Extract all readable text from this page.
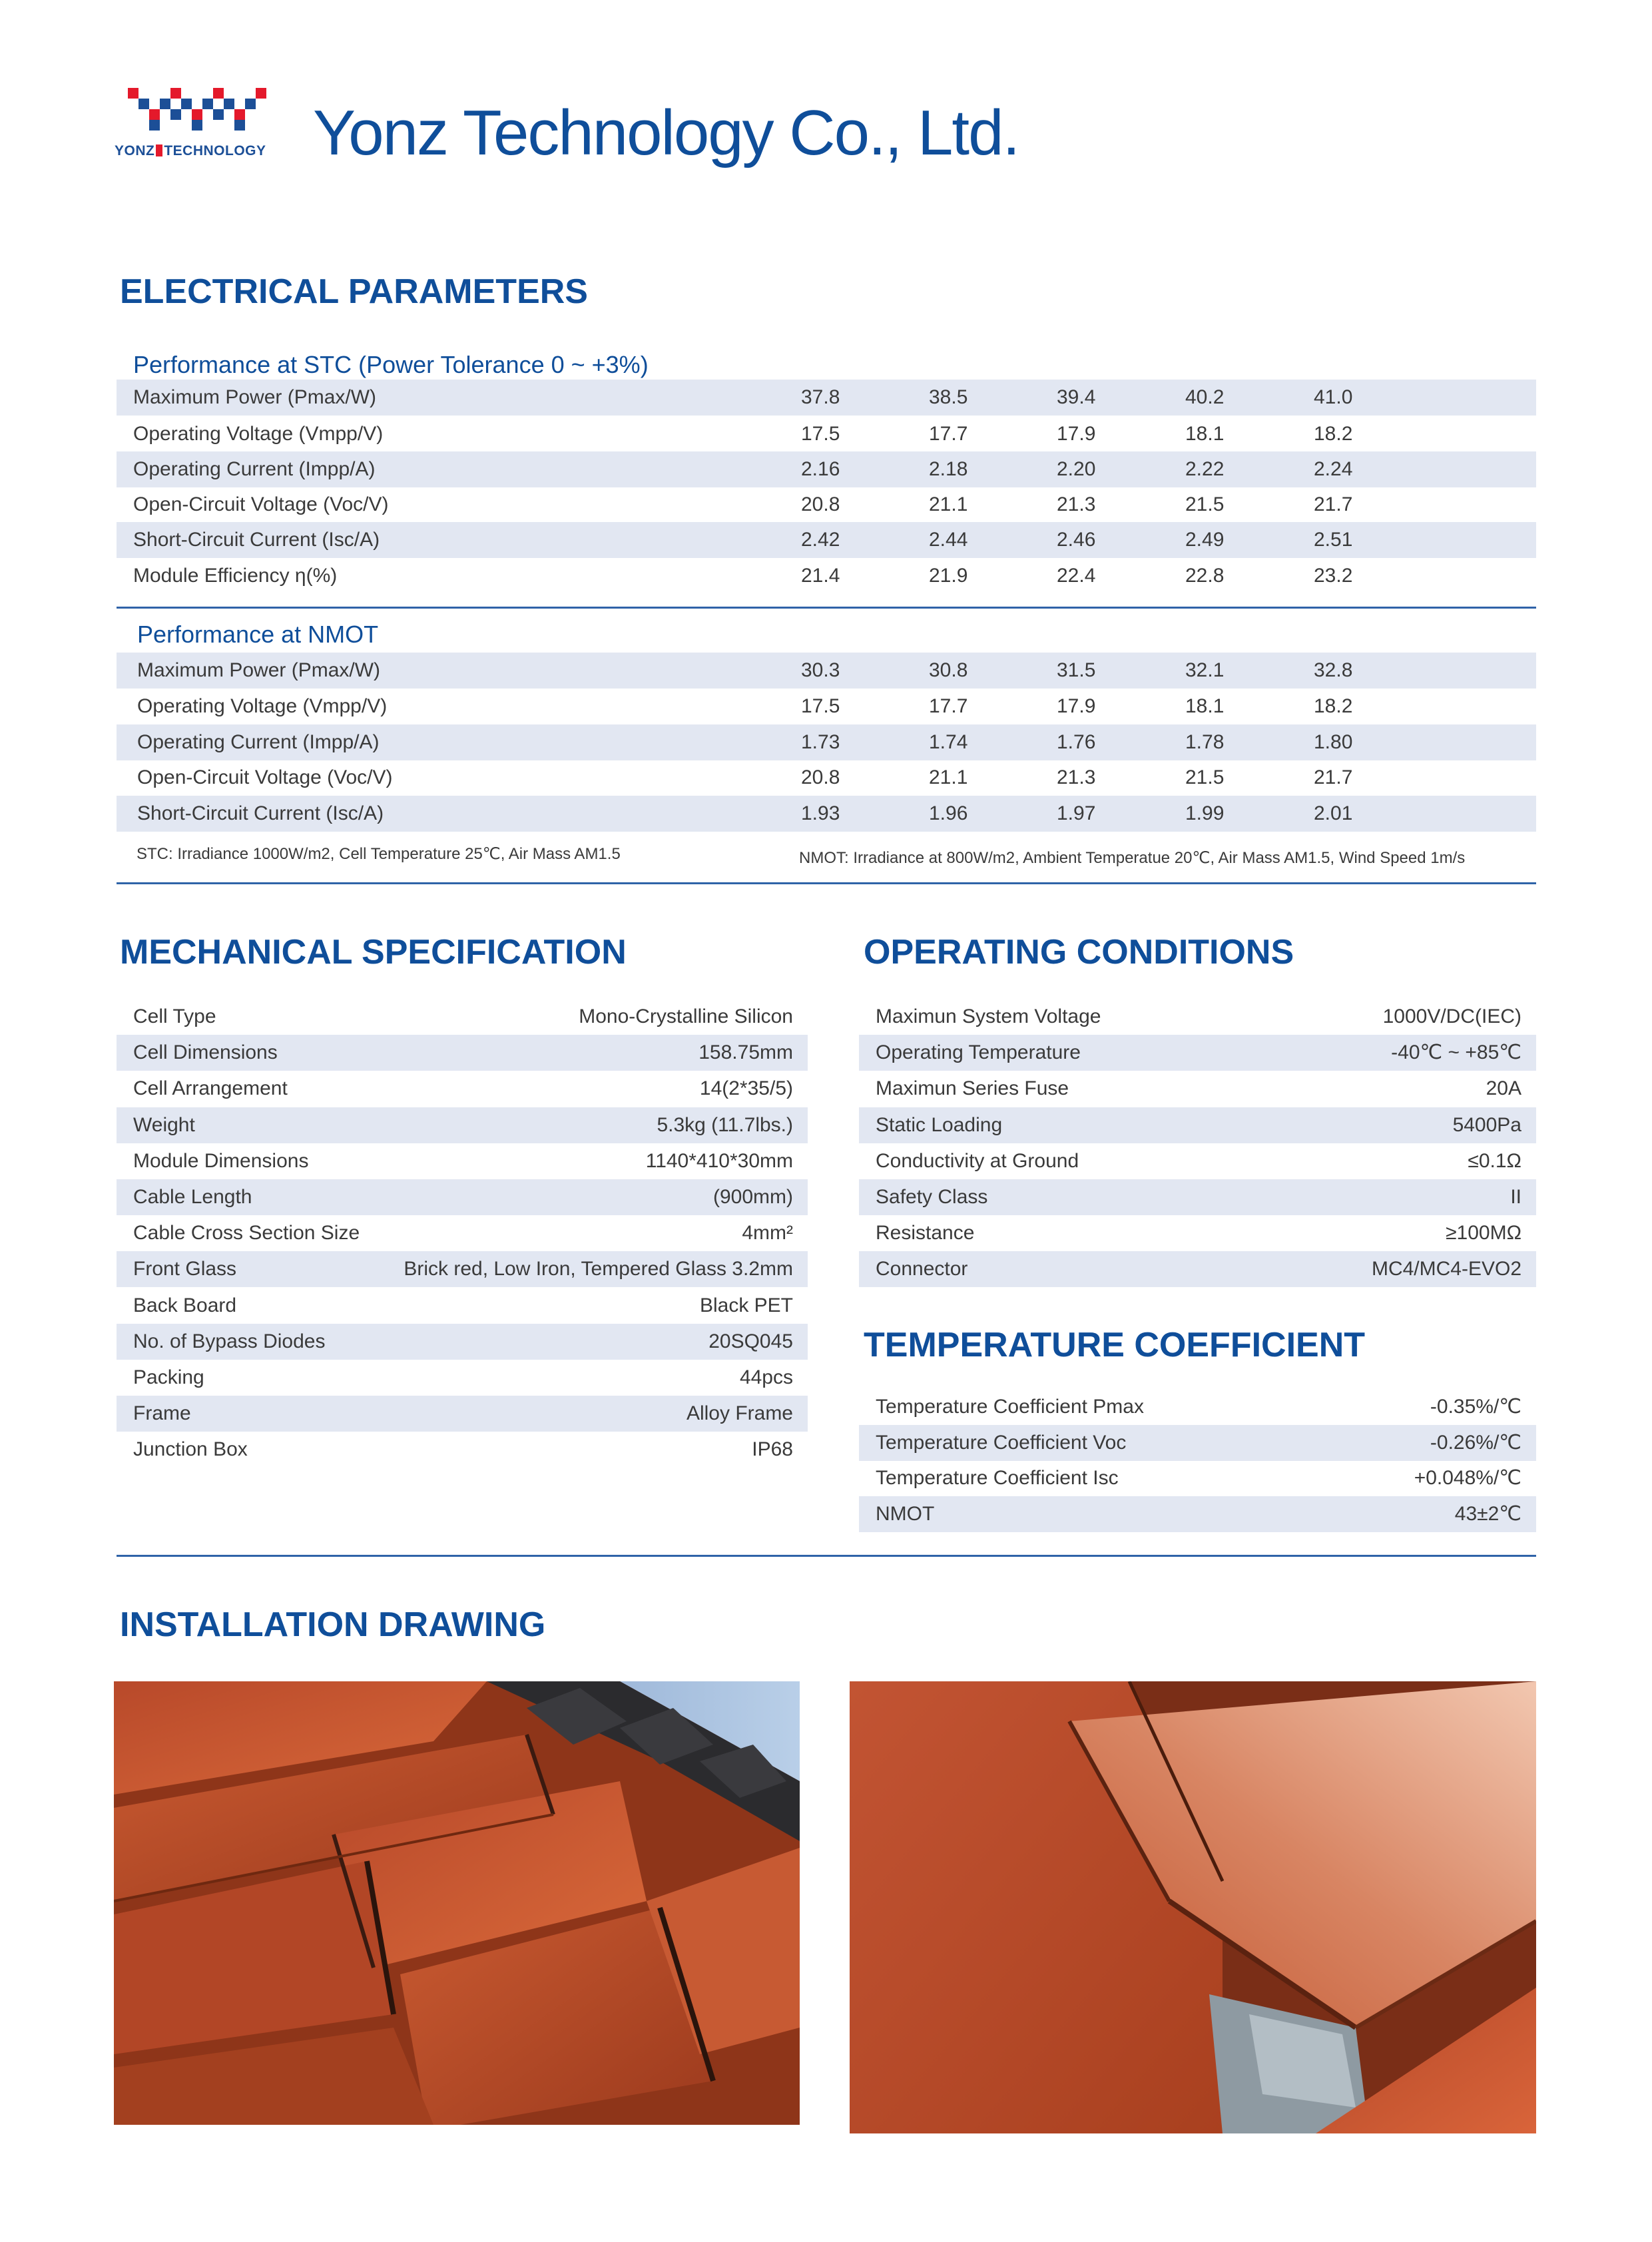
YONZ TECHNOLOGY Yonz Technology Co., Ltd.
ELECTRICAL PARAMETERS
Performance at STC (Power Tolerance 0 ~ +3%)
Maximum Power (Pmax/W)	37.8	38.5	39.4	40.2	41.0
Operating Voltage (Vmpp/V)	17.5	17.7	17.9	18.1	18.2
Operating Current (Impp/A)	2.16	2.18	2.20	2.22	2.24
Open-Circuit Voltage (Voc/V)	20.8	21.1	21.3	21.5	21.7
Short-Circuit Current (Isc/A)	2.42	2.44	2.46	2.49	2.51
Module Efficiency η(%)	21.4	21.9	22.4	22.8	23.2
Performance at NMOT
Maximum Power (Pmax/W)	30.3	30.8	31.5	32.1	32.8
Operating Voltage (Vmpp/V)	17.5	17.7	17.9	18.1	18.2
Operating Current (Impp/A)	1.73	1.74	1.76	1.78	1.80
Open-Circuit Voltage (Voc/V)	20.8	21.1	21.3	21.5	21.7
Short-Circuit Current (Isc/A)	1.93	1.96	1.97	1.99	2.01
STC: Irradiance 1000W/m2, Cell Temperature 25℃, Air Mass AM1.5	NMOT: Irradiance at 800W/m2, Ambient Temperatue 20℃, Air Mass AM1.5, Wind Speed 1m/s
MECHANICAL SPECIFICATION
Cell Type	Mono-Crystalline Silicon
Cell Dimensions	158.75mm
Cell Arrangement	14(2*35/5)
Weight	5.3kg (11.7lbs.)
Module Dimensions	1140*410*30mm
Cable Length	(900mm)
Cable Cross Section Size	4mm²
Front Glass	Brick red, Low Iron, Tempered Glass 3.2mm
Back Board	Black PET
No. of Bypass Diodes	20SQ045
Packing	44pcs
Frame	Alloy Frame
Junction Box	IP68
OPERATING CONDITIONS
Maximun System Voltage	1000V/DC(IEC)
Operating Temperature	-40℃ ~ +85℃
Maximun Series Fuse	20A
Static Loading	5400Pa
Conductivity at Ground	≤0.1Ω
Safety Class	II
Resistance	≥100MΩ
Connector	MC4/MC4-EVO2
TEMPERATURE COEFFICIENT
Temperature Coefficient Pmax	-0.35%/℃
Temperature Coefficient Voc	-0.26%/℃
Temperature Coefficient Isc	+0.048%/℃
NMOT	43±2℃
INSTALLATION DRAWING
